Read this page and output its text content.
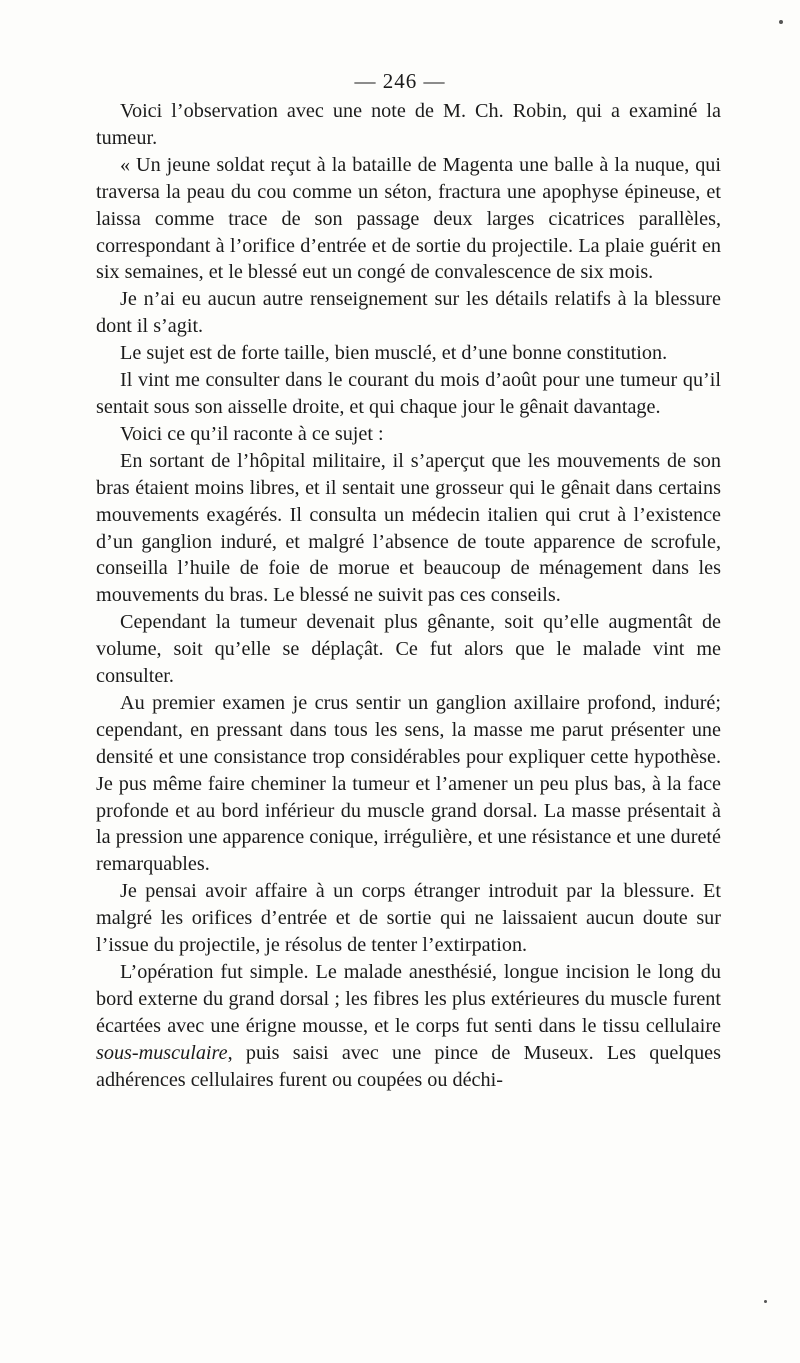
— 246 —

Voici l’observation avec une note de M. Ch. Robin, qui a examiné la tumeur.

« Un jeune soldat reçut à la bataille de Magenta une balle à la nuque, qui traversa la peau du cou comme un séton, fractura une apophyse épineuse, et laissa comme trace de son passage deux larges cicatrices parallèles, correspondant à l’orifice d’entrée et de sortie du projectile. La plaie guérit en six semaines, et le blessé eut un congé de convalescence de six mois.

Je n’ai eu aucun autre renseignement sur les détails relatifs à la blessure dont il s’agit.

Le sujet est de forte taille, bien musclé, et d’une bonne constitution.

Il vint me consulter dans le courant du mois d’août pour une tumeur qu’il sentait sous son aisselle droite, et qui chaque jour le gênait davantage.

Voici ce qu’il raconte à ce sujet :

En sortant de l’hôpital militaire, il s’aperçut que les mouvements de son bras étaient moins libres, et il sentait une grosseur qui le gênait dans certains mouvements exagérés. Il consulta un médecin italien qui crut à l’existence d’un ganglion induré, et malgré l’absence de toute apparence de scrofule, conseilla l’huile de foie de morue et beaucoup de ménagement dans les mouvements du bras. Le blessé ne suivit pas ces conseils.

Cependant la tumeur devenait plus gênante, soit qu’elle augmentât de volume, soit qu’elle se déplaçât. Ce fut alors que le malade vint me consulter.

Au premier examen je crus sentir un ganglion axillaire profond, induré; cependant, en pressant dans tous les sens, la masse me parut présenter une densité et une consistance trop considérables pour expliquer cette hypothèse. Je pus même faire cheminer la tumeur et l’amener un peu plus bas, à la face profonde et au bord inférieur du muscle grand dorsal. La masse présentait à la pression une apparence conique, irrégulière, et une résistance et une dureté remarquables.

Je pensai avoir affaire à un corps étranger introduit par la blessure. Et malgré les orifices d’entrée et de sortie qui ne laissaient aucun doute sur l’issue du projectile, je résolus de tenter l’extirpation.

L’opération fut simple. Le malade anesthésié, longue incision le long du bord externe du grand dorsal ; les fibres les plus extérieures du muscle furent écartées avec une érigne mousse, et le corps fut senti dans le tissu cellulaire sous-musculaire, puis saisi avec une pince de Museux. Les quelques adhérences cellulaires furent ou coupées ou déchi-
